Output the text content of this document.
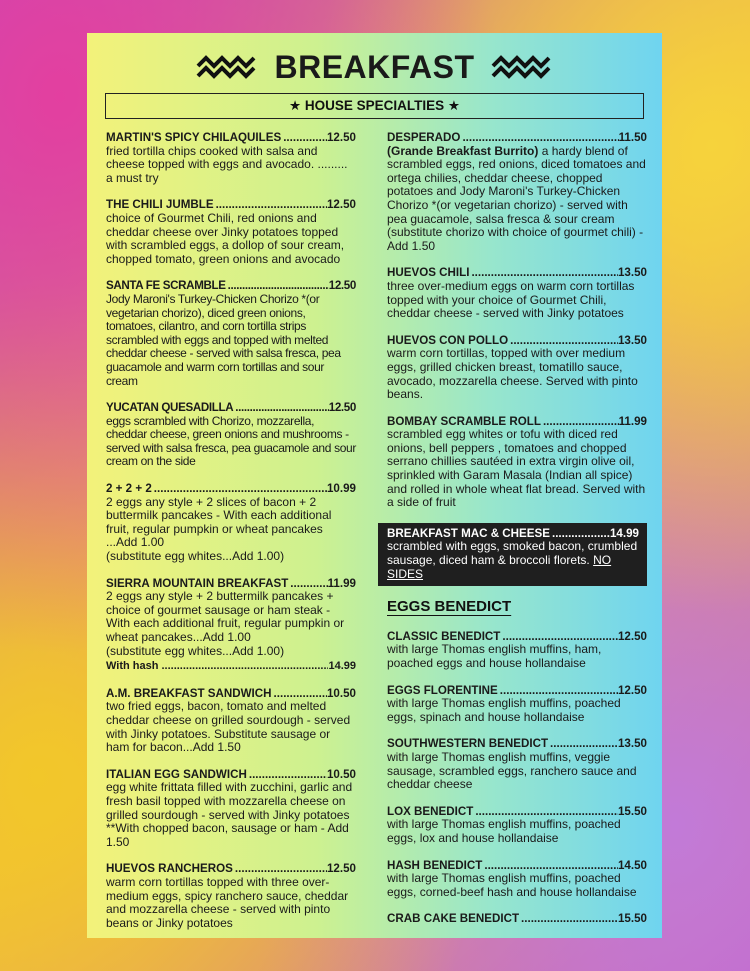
BREAKFAST
★ HOUSE SPECIALTIES ★
MARTIN'S SPICY CHILAQUILES .....	12.50
fried tortilla chips cooked with salsa and cheese topped with eggs and avocado. ......... a must try
THE CHILI JUMBLE .....	12.50
choice of Gourmet Chili, red onions and cheddar cheese over Jinky potatoes topped with scrambled eggs, a dollop of sour cream, chopped tomato, green onions and avocado
SANTA FE SCRAMBLE .....	12.50
Jody Maroni's Turkey-Chicken Chorizo *(or vegetarian chorizo), diced green onions, tomatoes, cilantro, and corn tortilla strips scrambled with eggs and topped with melted cheddar cheese - served with salsa fresca, pea guacamole and warm corn tortillas and sour cream
YUCATAN QUESADILLA .....	12.50
eggs scrambled with Chorizo, mozzarella, cheddar cheese, green onions and mushrooms - served with salsa fresca, pea guacamole and sour cream on the side
2 + 2 + 2 .....	10.99
2 eggs any style + 2 slices of bacon + 2 buttermilk pancakes - With each additional fruit, regular pumpkin or wheat pancakes ...Add 1.00
(substitute egg whites...Add 1.00)
SIERRA MOUNTAIN BREAKFAST .....	11.99
2 eggs any style + 2 buttermilk pancakes + choice of gourmet sausage or ham steak - With each additional fruit, regular pumpkin or wheat pancakes...Add 1.00
(substitute egg whites...Add 1.00)
With hash .....	14.99
A.M. BREAKFAST SANDWICH .....	10.50
two fried eggs, bacon, tomato and melted cheddar cheese on grilled sourdough - served with Jinky potatoes. Substitute sausage or ham for bacon...Add 1.50
ITALIAN EGG SANDWICH .....	10.50
egg white frittata filled with zucchini, garlic and fresh basil topped with mozzarella cheese on grilled sourdough - served with Jinky potatoes **With chopped bacon, sausage or ham - Add 1.50
HUEVOS RANCHEROS .....	12.50
warm corn tortillas topped with three over-medium eggs, spicy ranchero sauce, cheddar and mozzarella cheese - served with pinto beans or Jinky potatoes
DESPERADO .....	11.50
(Grande Breakfast Burrito) a hardy blend of scrambled eggs, red onions, diced tomatoes and ortega chilies, cheddar cheese, chopped potatoes and Jody Maroni's Turkey-Chicken Chorizo *(or vegetarian chorizo) - served with pea guacamole, salsa fresca & sour cream (substitute chorizo with choice of gourmet chili) - Add 1.50
HUEVOS CHILI .....	13.50
three over-medium eggs on warm corn tortillas topped with your choice of Gourmet Chili, cheddar cheese - served with Jinky potatoes
HUEVOS CON POLLO .....	13.50
warm corn tortillas, topped with over medium eggs, grilled chicken breast, tomatillo sauce, avocado, mozzarella cheese. Served with pinto beans.
BOMBAY SCRAMBLE ROLL .....	11.99
scrambled egg whites or tofu with diced red onions, bell peppers , tomatoes and chopped serrano chillies sautéed in extra virgin olive oil, sprinkled with Garam Masala (Indian all spice) and rolled in whole wheat flat bread. Served with a side of fruit
BREAKFAST MAC & CHEESE .....	14.99
scrambled with eggs, smoked bacon, crumbled sausage, diced ham & broccoli florets. NO SIDES
EGGS BENEDICT
CLASSIC BENEDICT .....	12.50
with large Thomas english muffins, ham, poached eggs and house hollandaise
EGGS FLORENTINE .....	12.50
with large Thomas english muffins, poached eggs, spinach and house hollandaise
SOUTHWESTERN BENEDICT .....	13.50
with large Thomas english muffins, veggie sausage, scrambled eggs, ranchero sauce and cheddar cheese
LOX BENEDICT .....	15.50
with large Thomas english muffins, poached eggs, lox and house hollandaise
HASH BENEDICT .....	14.50
with large Thomas english muffins, poached eggs, corned-beef hash and house hollandaise
CRAB CAKE BENEDICT .....	15.50
